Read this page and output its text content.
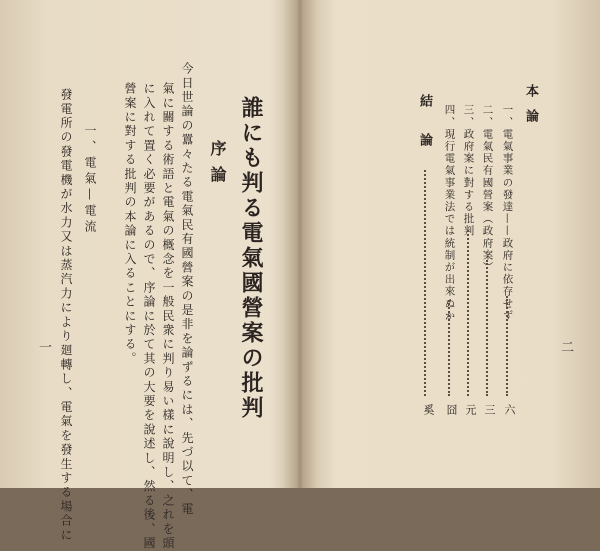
誰にも判る電氣國營案の批判
序論
今日世論の囂々たる電氣民有國營案の是非を論ずるには、先づ以て、電
氣に關する術語と電氣の概念を一般民衆に判り易い樣に說明し、之れを頭
に入れて置く必要があるので、序論に於て其の大要を說述し、然る後、國
營案に對する批判の本論に入ることにする。
一、電氣—電流
發電所の發電機が水力又は蒸汽力により廻轉し、電氣を發生する場合に
一
本論
一、電氣事業の發達——政府に依存せず
六
二、電氣民有國營案（政府案）
三
三、政府案に對する批判
元
四、現行電氣事業法では統制が出來ぬか
囧
結論
奚
二
